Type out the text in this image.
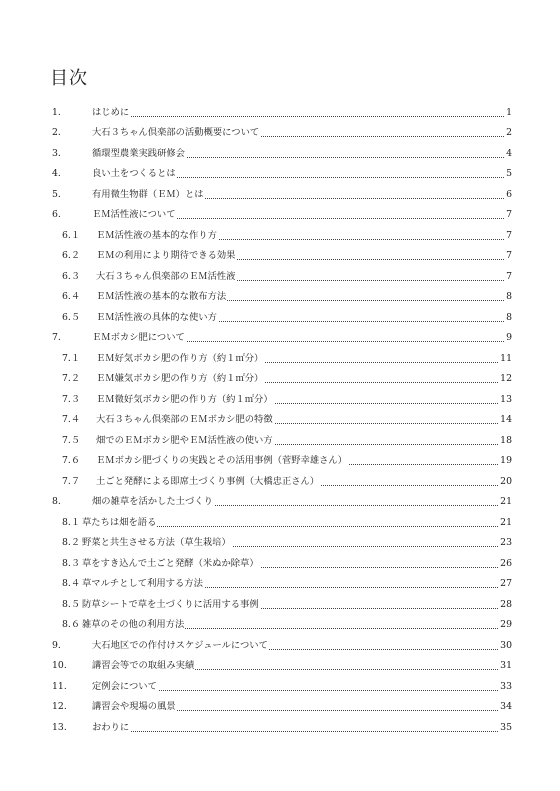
目次
1.	はじめに	1
2.	大石３ちゃん倶楽部の活動概要について	2
3.	循環型農業実践研修会	4
4.	良い土をつくるとは	5
5.	有用微生物群（ＥＭ）とは	6
6.	ＥＭ活性液について	7
6.１ ＥＭ活性液の基本的な作り方	7
6.２ ＥＭの利用により期待できる効果	7
6.３ 大石３ちゃん倶楽部のＥＭ活性液	7
6.４ ＥＭ活性液の基本的な散布方法	8
6.５ ＥＭ活性液の具体的な使い方	8
7.	ＥＭボカシ肥について	9
7.１ ＥＭ好気ボカシ肥の作り方（約１㎡分）	11
7.２ ＥＭ嫌気ボカシ肥の作り方（約１㎡分）	12
7.３ ＥＭ微好気ボカシ肥の作り方（約１㎡分）	13
7.４ 大石３ちゃん倶楽部のＥＭボカシ肥の特徴	14
7.５ 畑でのＥＭボカシ肥やＥＭ活性液の使い方	18
7.６ ＥＭボカシ肥づくりの実践とその活用事例（菅野幸雄さん）	19
7.７ 土ごと発酵による即席土づくり事例（大橋忠正さん）	20
8.	畑の雑草を活かした土づくり	21
8.１ 草たちは畑を語る	21
8.２ 野菜と共生させる方法（草生栽培）	23
8.３ 草をすき込んで土ごと発酵（米ぬか除草）	26
8.４ 草マルチとして利用する方法	27
8.５ 防草シートで草を土づくりに活用する事例	28
8.６ 雑草のその他の利用方法	29
9.	大石地区での作付けスケジュールについて	30
10.	講習会等での取組み実績	31
11.	定例会について	33
12.	講習会や現場の風景	34
13.	おわりに	35
